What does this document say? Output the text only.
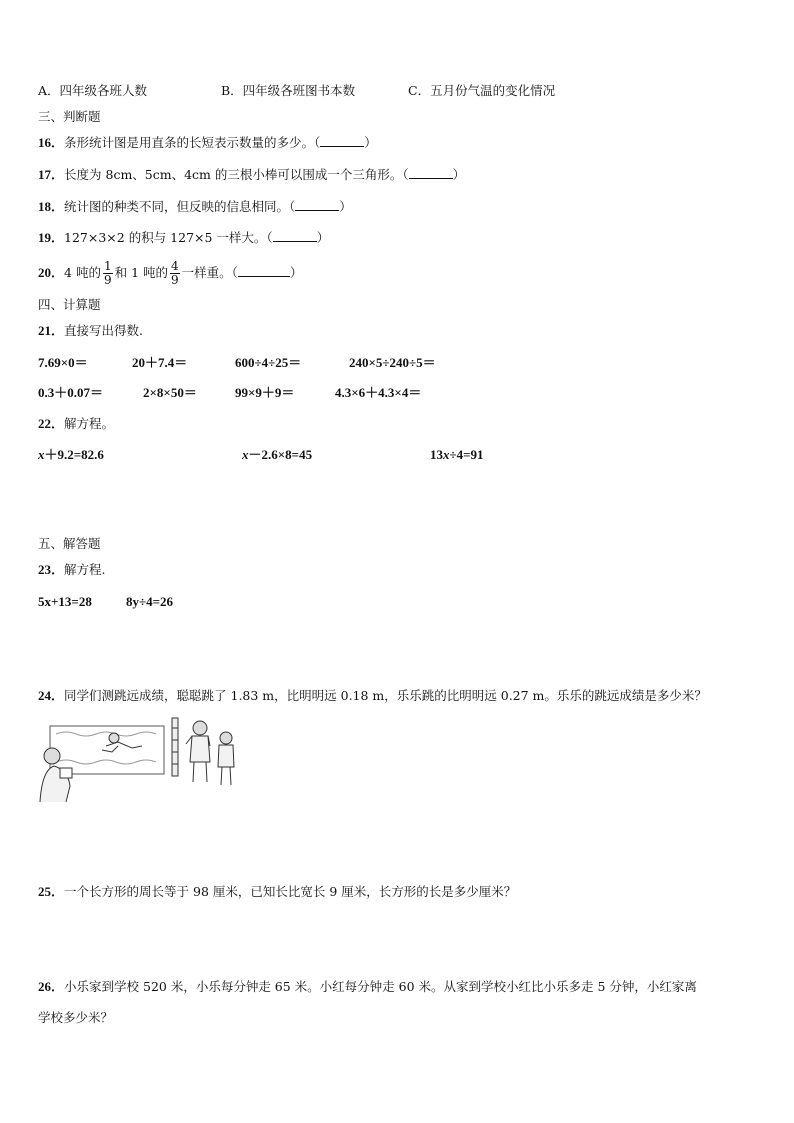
A．四年级各班人数	B．四年级各班图书本数	C．五月份气温的变化情况
三、判断题
16．条形统计图是用直条的长短表示数量的多少。（	）
17．长度为 8cm、5cm、4cm 的三根小棒可以围成一个三角形。（	）
18．统计图的种类不同，但反映的信息相同。（	）
19．127×3×2 的积与 127×5 一样大。（	）
20．4 吨的 $\frac{1}{9}$ 和 1 吨的 $\frac{4}{9}$ 一样重。（	）
四、计算题
21．直接写出得数.
7.69×0＝	20＋7.4＝	600÷4÷25＝	240×5÷240÷5＝
0.3＋0.07＝	2×8×50＝	99×9＋9＝	4.3×6＋4.3×4＝
22．解方程。
x＋9.2=82.6	x－2.6×8=45	13x÷4=91
五、解答题
23．解方程.
5x+13=28	8y÷4=26
24．同学们测跳远成绩，聪聪跳了 1.83 m，比明明远 0.18 m，乐乐跳的比明明远 0.27 m。乐乐的跳远成绩是多少米？
25．一个长方形的周长等于 98 厘米，已知长比宽长 9 厘米，长方形的长是多少厘米？
26．小乐家到学校 520 米，小乐每分钟走 65 米。小红每分钟走 60 米。从家到学校小红比小乐多走 5 分钟，小红家离
学校多少米？
